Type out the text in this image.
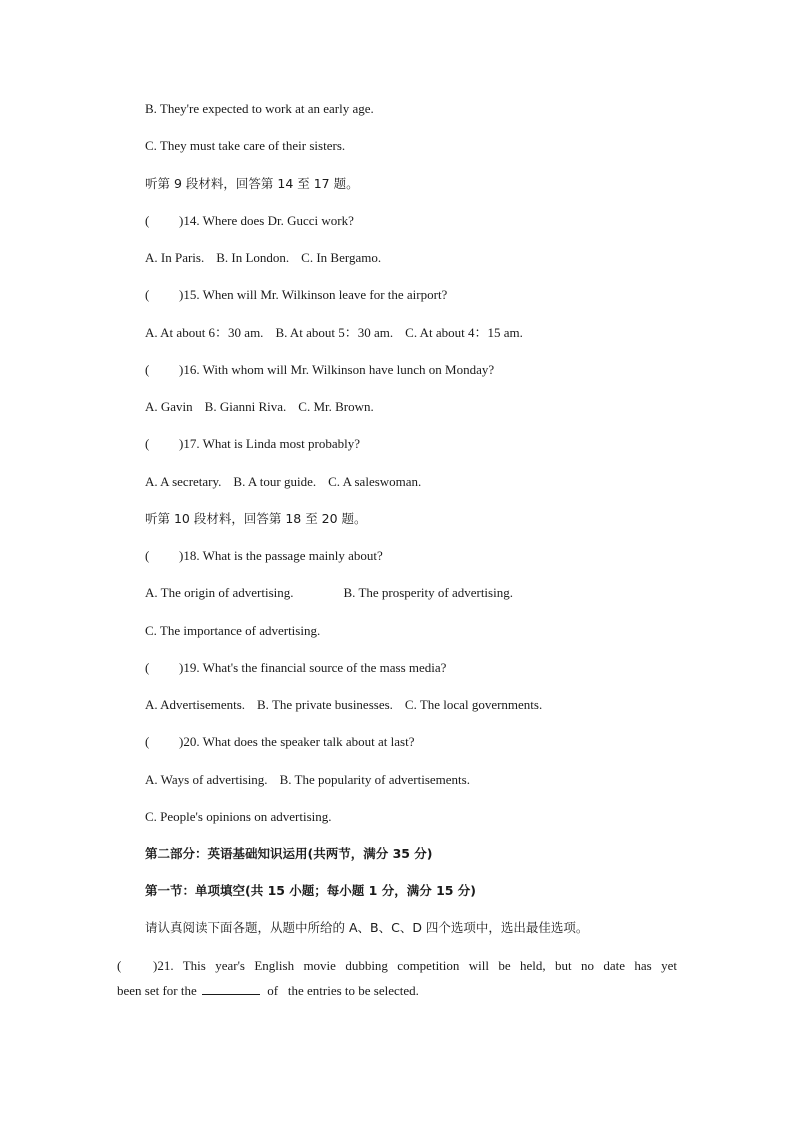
B. They're expected to work at an early age.
C. They must take care of their sisters.
听第 9 段材料，回答第 14 至 17 题。
( )14. Where does Dr. Gucci work?
A. In Paris. B. In London. C. In Bergamo.
( )15. When will Mr. Wilkinson leave for the airport?
A. At about 6：30 am. B. At about 5：30 am. C. At about 4：15 am.
( )16. With whom will Mr. Wilkinson have lunch on Monday?
A. Gavin B. Gianni Riva. C. Mr. Brown.
( )17. What is Linda most probably?
A. A secretary. B. A tour guide. C. A saleswoman.
听第 10 段材料，回答第 18 至 20 题。
( )18. What is the passage mainly about?
A. The origin of advertising.	B. The prosperity of advertising.
C. The importance of advertising.
( )19. What's the financial source of the mass media?
A. Advertisements. B. The private businesses. C. The local governments.
( )20. What does the speaker talk about at last?
A. Ways of advertising. B. The popularity of advertisements.
C. People's opinions on advertising.
第二部分：英语基础知识运用(共两节，满分 35 分)
第一节：单项填空(共 15 小题；每小题 1 分，满分 15 分)
请认真阅读下面各题，从题中所给的 A、B、C、D 四个选项中，选出最佳选项。
( )21. This year's English movie dubbing competition will be held, but no date has yet
been set for the	of the entries to be selected.
